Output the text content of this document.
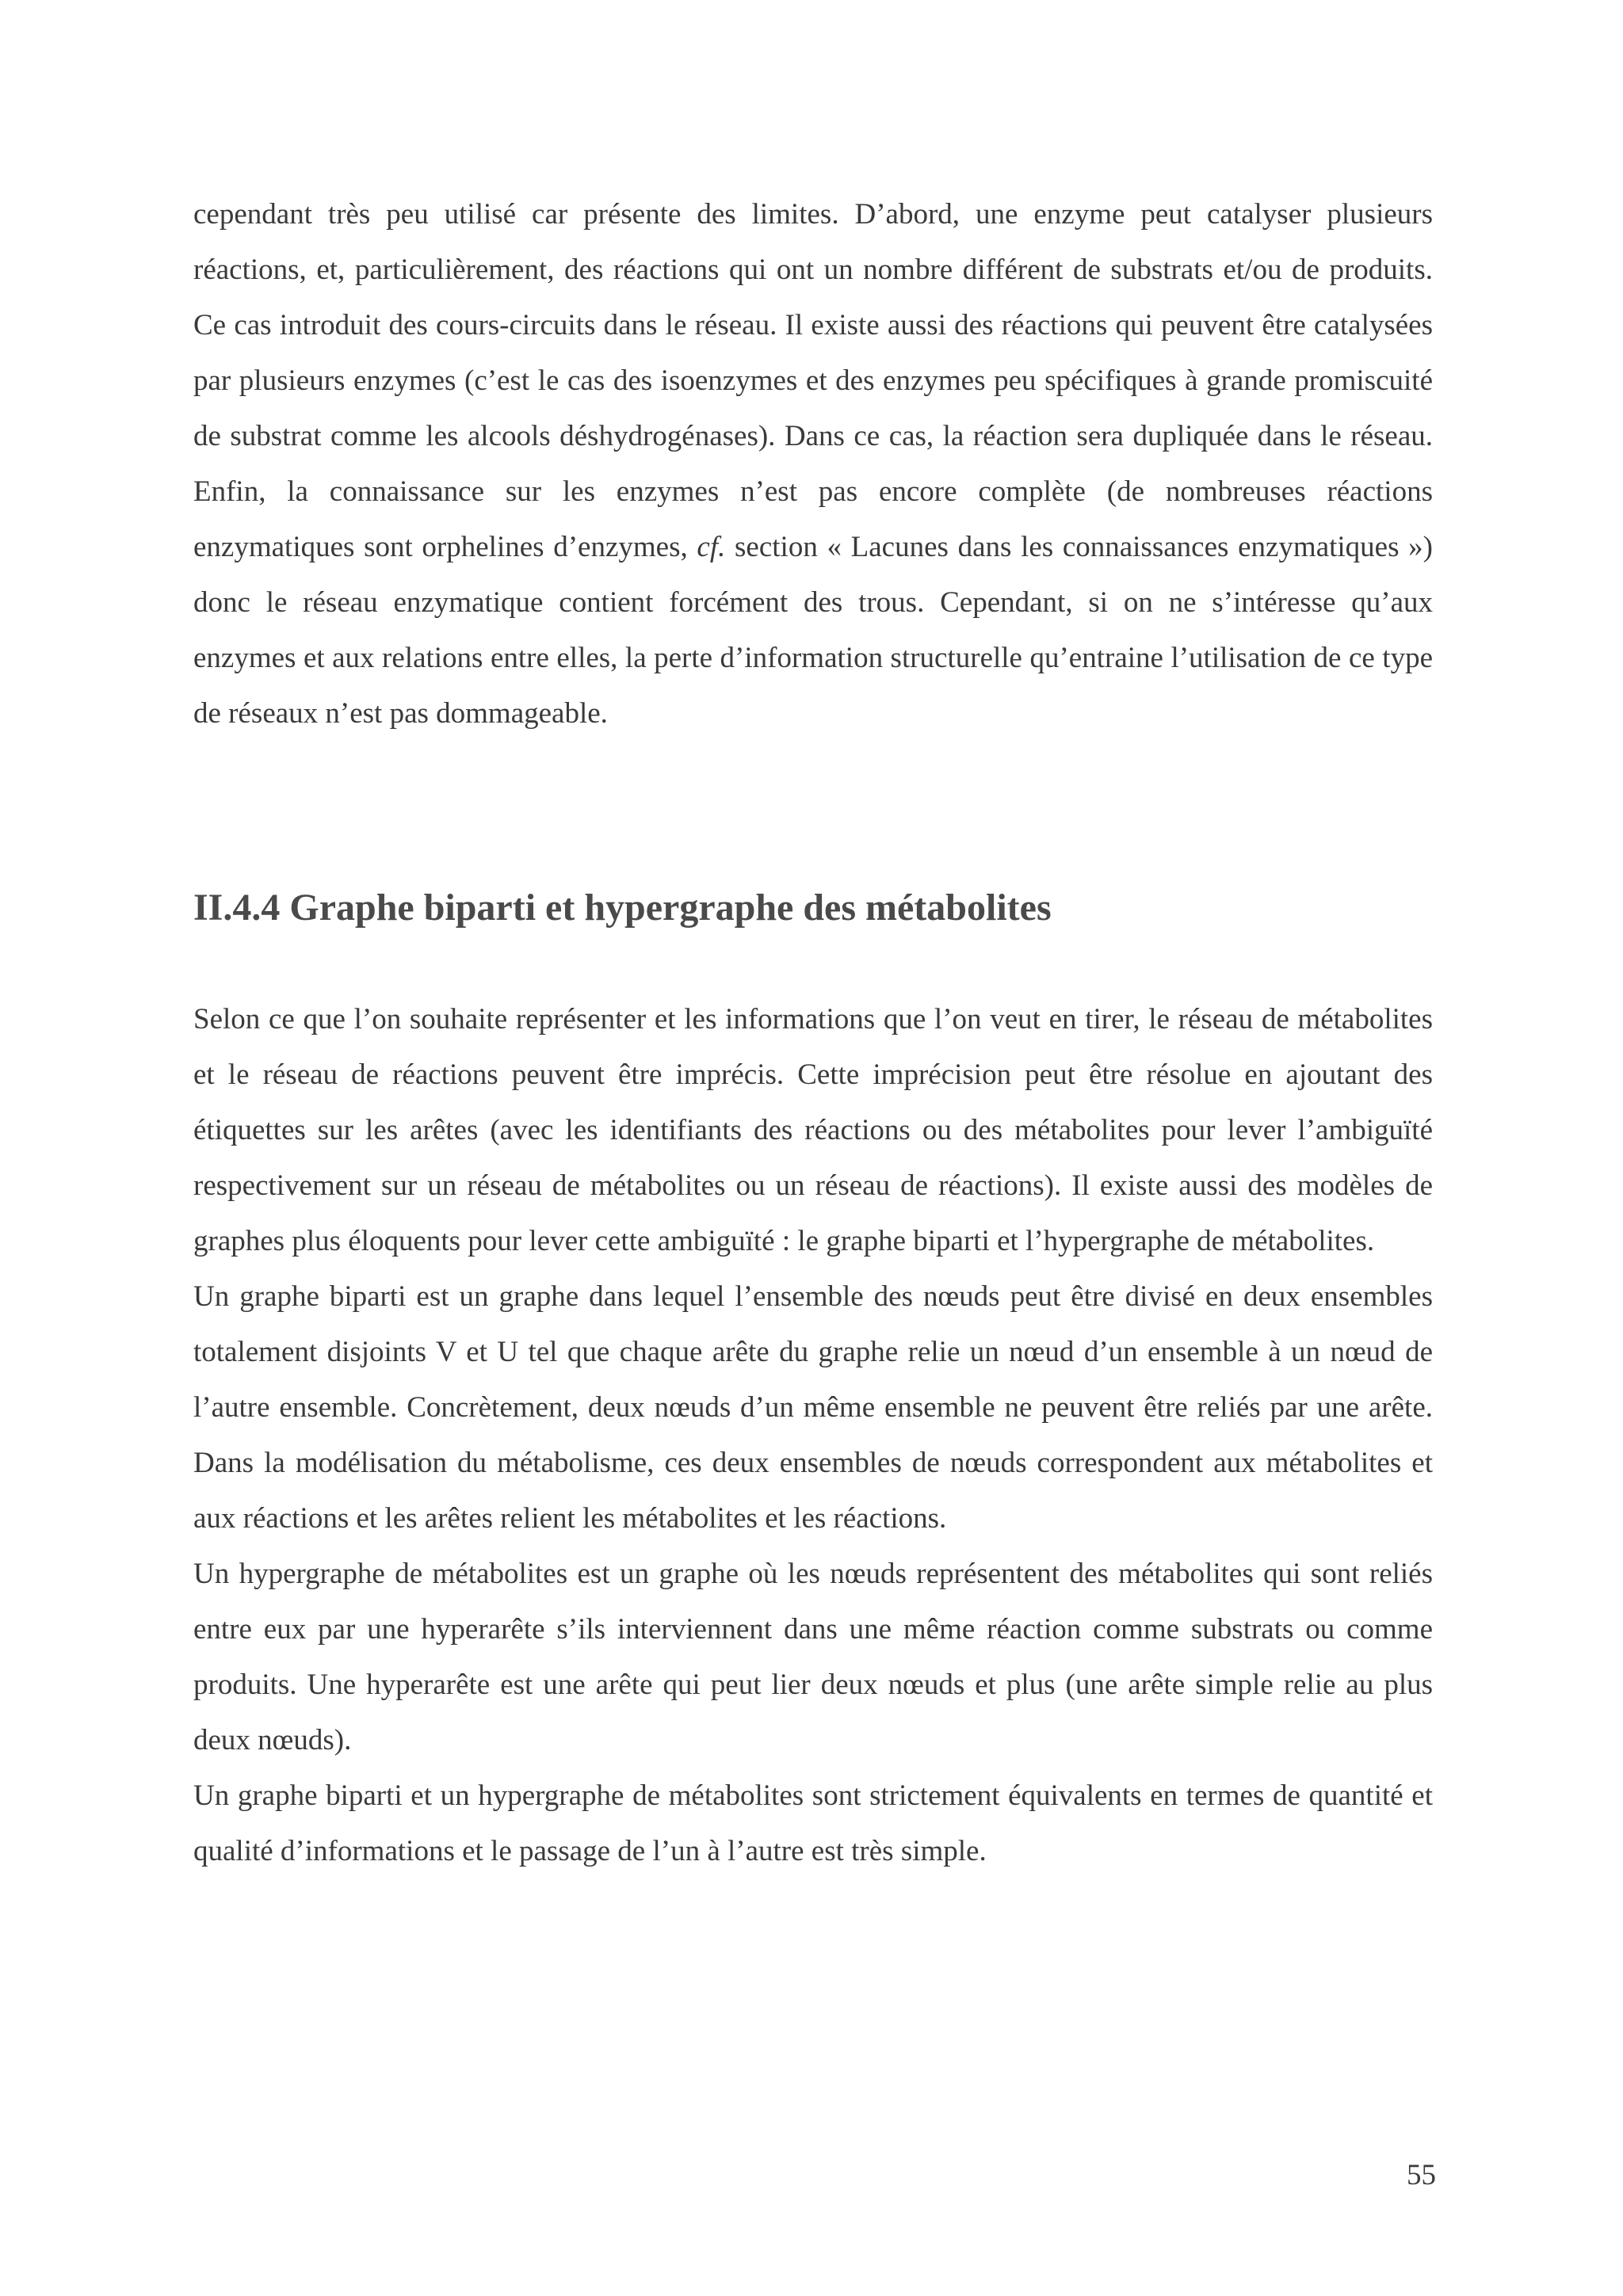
cependant très peu utilisé car présente des limites. D’abord, une enzyme peut catalyser plusieurs réactions, et, particulièrement, des réactions qui ont un nombre différent de substrats et/ou de produits. Ce cas introduit des cours-circuits dans le réseau. Il existe aussi des réactions qui peuvent être catalysées par plusieurs enzymes (c’est le cas des isoenzymes et des enzymes peu spécifiques à grande promiscuité de substrat comme les alcools déshydrogénases). Dans ce cas, la réaction sera dupliquée dans le réseau. Enfin, la connaissance sur les enzymes n’est pas encore complète (de nombreuses réactions enzymatiques sont orphelines d’enzymes, cf. section « Lacunes dans les connaissances enzymatiques ») donc le réseau enzymatique contient forcément des trous. Cependant, si on ne s’intéresse qu’aux enzymes et aux relations entre elles, la perte d’information structurelle qu’entraine l’utilisation de ce type de réseaux n’est pas dommageable.

II.4.4 Graphe biparti et hypergraphe des métabolites

Selon ce que l’on souhaite représenter et les informations que l’on veut en tirer, le réseau de métabolites et le réseau de réactions peuvent être imprécis. Cette imprécision peut être résolue en ajoutant des étiquettes sur les arêtes (avec les identifiants des réactions ou des métabolites pour lever l’ambiguïté respectivement sur un réseau de métabolites ou un réseau de réactions). Il existe aussi des modèles de graphes plus éloquents pour lever cette ambiguïté : le graphe biparti et l’hypergraphe de métabolites.

Un graphe biparti est un graphe dans lequel l’ensemble des nœuds peut être divisé en deux ensembles totalement disjoints V et U tel que chaque arête du graphe relie un nœud d’un ensemble à un nœud de l’autre ensemble. Concrètement, deux nœuds d’un même ensemble ne peuvent être reliés par une arête. Dans la modélisation du métabolisme, ces deux ensembles de nœuds correspondent aux métabolites et aux réactions et les arêtes relient les métabolites et les réactions.

Un hypergraphe de métabolites est un graphe où les nœuds représentent des métabolites qui sont reliés entre eux par une hyperarête s’ils interviennent dans une même réaction comme substrats ou comme produits. Une hyperarête est une arête qui peut lier deux nœuds et plus (une arête simple relie au plus deux nœuds).

Un graphe biparti et un hypergraphe de métabolites sont strictement équivalents en termes de quantité et qualité d’informations et le passage de l’un à l’autre est très simple.

55
